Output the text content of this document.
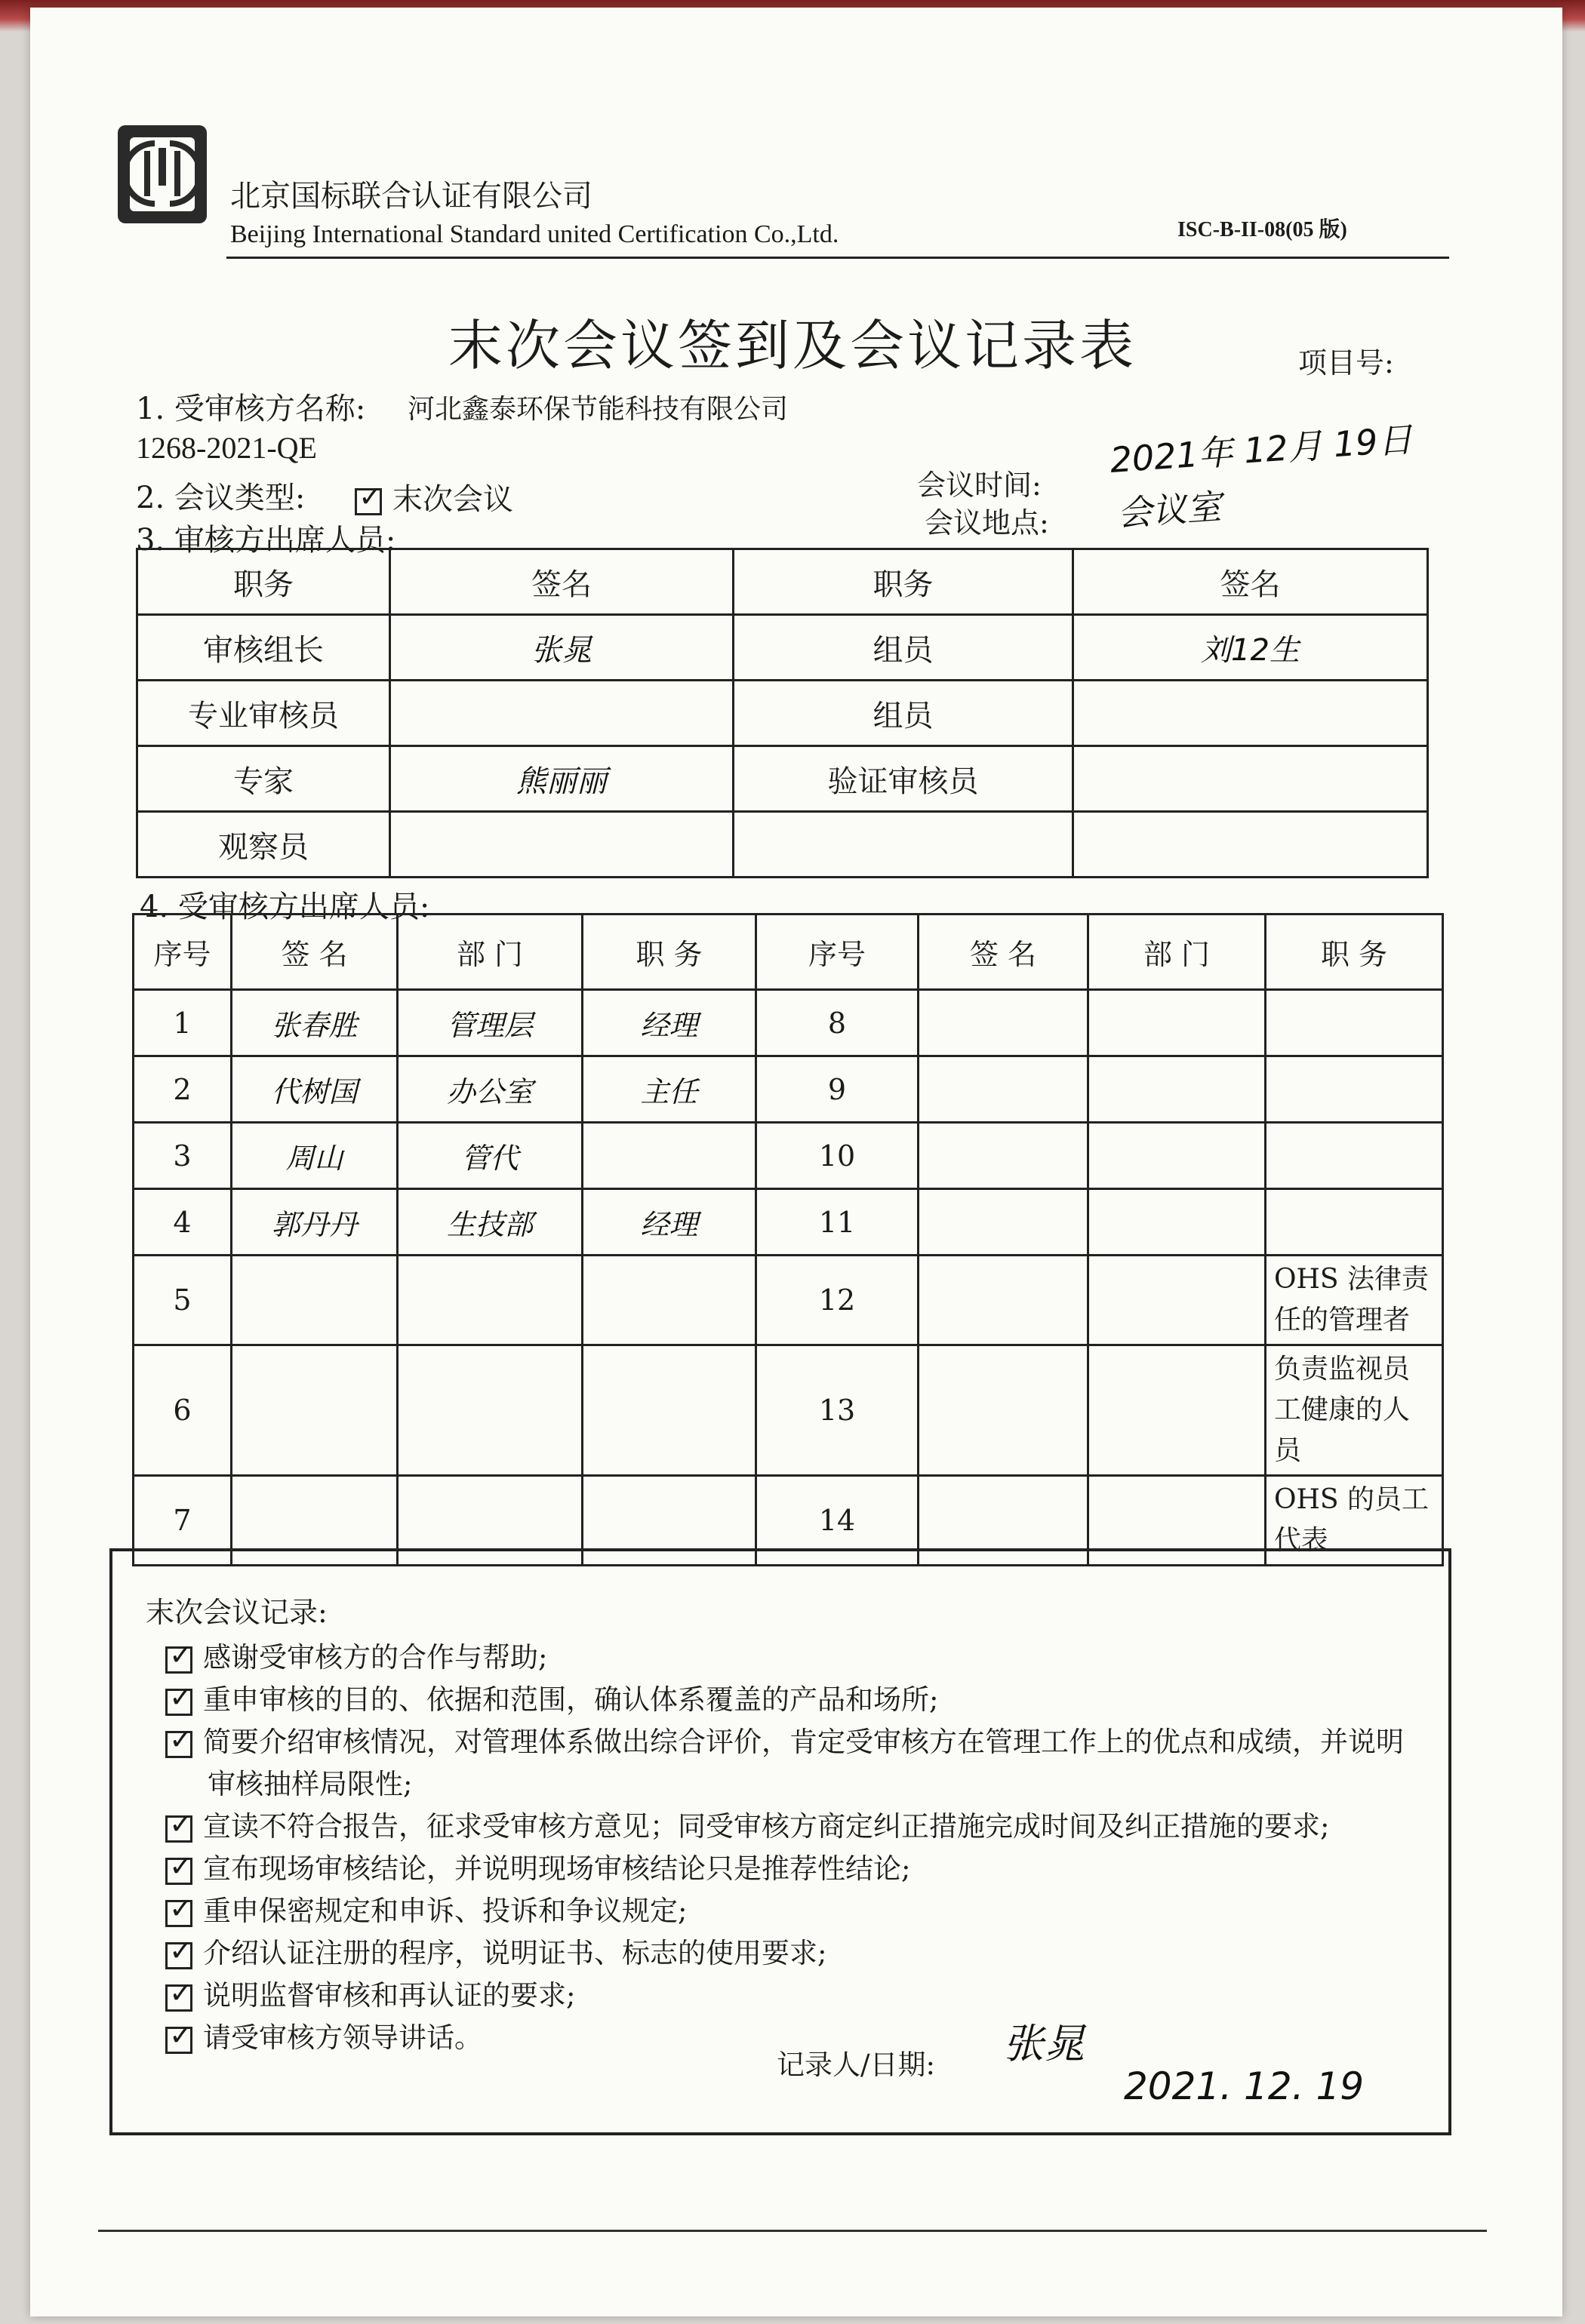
北京国标联合认证有限公司
Beijing International Standard united Certification Co.,Ltd.	ISC-B-II-08(05 版)
末次会议签到及会议记录表	项目号:
1. 受审核方名称: 河北鑫泰环保节能科技有限公司
1268-2021-QE
2. 会议类型: ✓	末次会议
3. 审核方出席人员:
会议时间:
2021年 12月 19日
会议地点: 会议室
职务	签名	职务	签名
审核组长	张晁	组员	刘12生
专业审核员		组员	
专家	熊丽丽	验证审核员	
观察员			
4. 受审核方出席人员:
序号	签 名	部 门	职 务	序号	签 名	部 门	职 务
1	张春胜	管理层	经理	8			
2	代树国	办公室	主任	9			
3	周山	管代		10			
4	郭丹丹	生技部	经理	11			
5				12			OHS 法律责任的管理者
6				13			负责监视员工健康的人员
7				14			OHS 的员工代表
末次会议记录:
✓感谢受审核方的合作与帮助;
✓重申审核的目的、依据和范围，确认体系覆盖的产品和场所;
✓简要介绍审核情况，对管理体系做出综合评价，肯定受审核方在管理工作上的优点和成绩，并说明
审核抽样局限性;
✓宣读不符合报告，征求受审核方意见；同受审核方商定纠正措施完成时间及纠正措施的要求;
✓宣布现场审核结论，并说明现场审核结论只是推荐性结论;
✓重申保密规定和申诉、投诉和争议规定;
✓介绍认证注册的程序，说明证书、标志的使用要求;
✓说明监督审核和再认证的要求;
✓请受审核方领导讲话。
记录人/日期: 张晁
2021. 12. 19
